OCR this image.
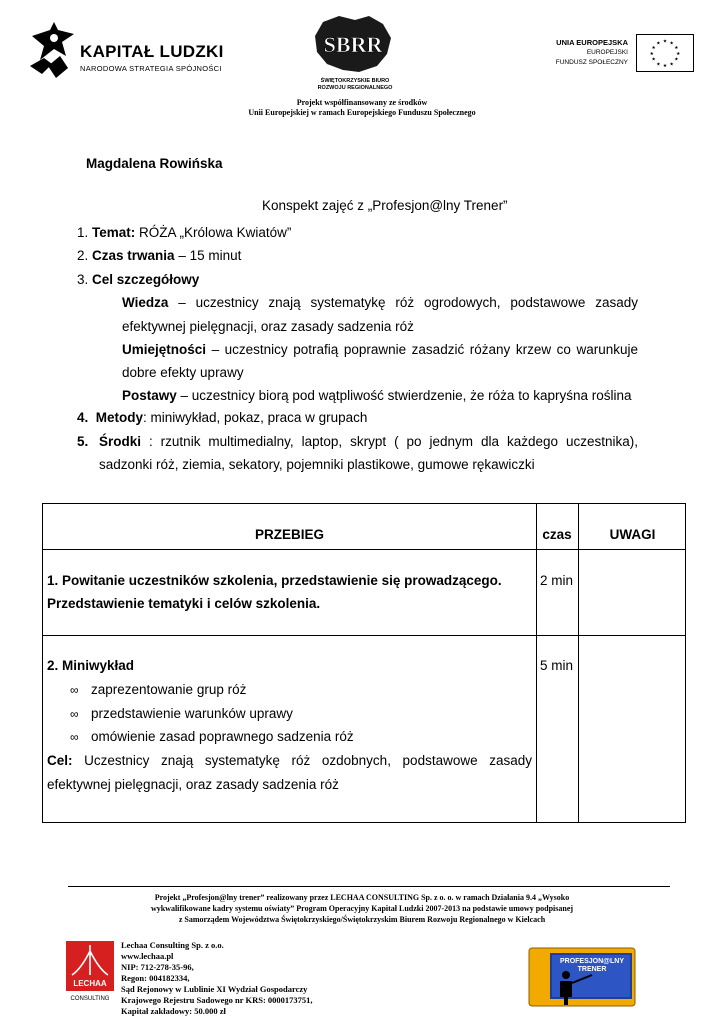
KAPITAŁ LUDZKI
NARODOWA STRATEGIA SPÓJNOŚCI
SBRR
ŚWIĘTOKRZYSKIE BIURO
ROZWOJU REGIONALNEGO
UNIA EUROPEJSKA
EUROPEJSKI
FUNDUSZ SPOŁECZNY
★ ★
★
★
★
★
★
★
★
★
★
★
Projekt współfinansowany ze środków
Unii Europejskiej w ramach Europejskiego Funduszu Społecznego
Magdalena Rowińska
Konspekt zajęć z „Profesjon@lny Trener”
1. Temat: RÓŻA „Królowa Kwiatów”
2. Czas trwania – 15 minut
3. Cel szczegółowy
Wiedza – uczestnicy znają systematykę róż ogrodowych, podstawowe zasady
efektywnej pielęgnacji, oraz zasady sadzenia róż
Umiejętności – uczestnicy potrafią poprawnie zasadzić różany krzew co warunkuje
dobre efekty uprawy
Postawy – uczestnicy biorą pod wątpliwość stwierdzenie, że róża to kapryśna roślina
4. Metody: miniwykład, pokaz, praca w grupach
5. Środki : rzutnik multimedialny, laptop, skrypt ( po jednym dla każdego uczestnika),
sadzonki róż, ziemia, sekatory, pojemniki plastikowe, gumowe rękawiczki
PRZEBIEG	czas	UWAGI
1. Powitanie uczestników szkolenia, przedstawienie się prowadzącego.
Przedstawienie tematyki i celów szkolenia.
2 min
2. Miniwykład	5 min
∞ zaprezentowanie grup róż
∞ przedstawienie warunków uprawy
∞ omówienie zasad poprawnego sadzenia róż
Cel: Uczestnicy znają systematykę róż ozdobnych, podstawowe zasady
efektywnej pielęgnacji, oraz zasady sadzenia róż
Projekt „Profesjon@lny trener” realizowany przez LECHAA CONSULTING Sp. z o. o. w ramach Działania 9.4 „Wysoko
wykwalifikowane kadry systemu oświaty” Program Operacyjny Kapitał Ludzki 2007-2013 na podstawie umowy podpisanej
z Samorządem Województwa Świętokrzyskiego/Świętokrzyskim Biurem Rozwoju Regionalnego w Kielcach
LECHAA
CONSULTING
Lechaa Consulting Sp. z o.o.
www.lechaa.pl
NIP: 712-278-35-96,
Regon: 004182334,
Sąd Rejonowy w Lublinie XI Wydział Gospodarczy
Krajowego Rejestru Sadowego nr KRS: 0000173751,
Kapitał zakładowy: 50.000 zł
PROFESJON@LNY
TRENER
